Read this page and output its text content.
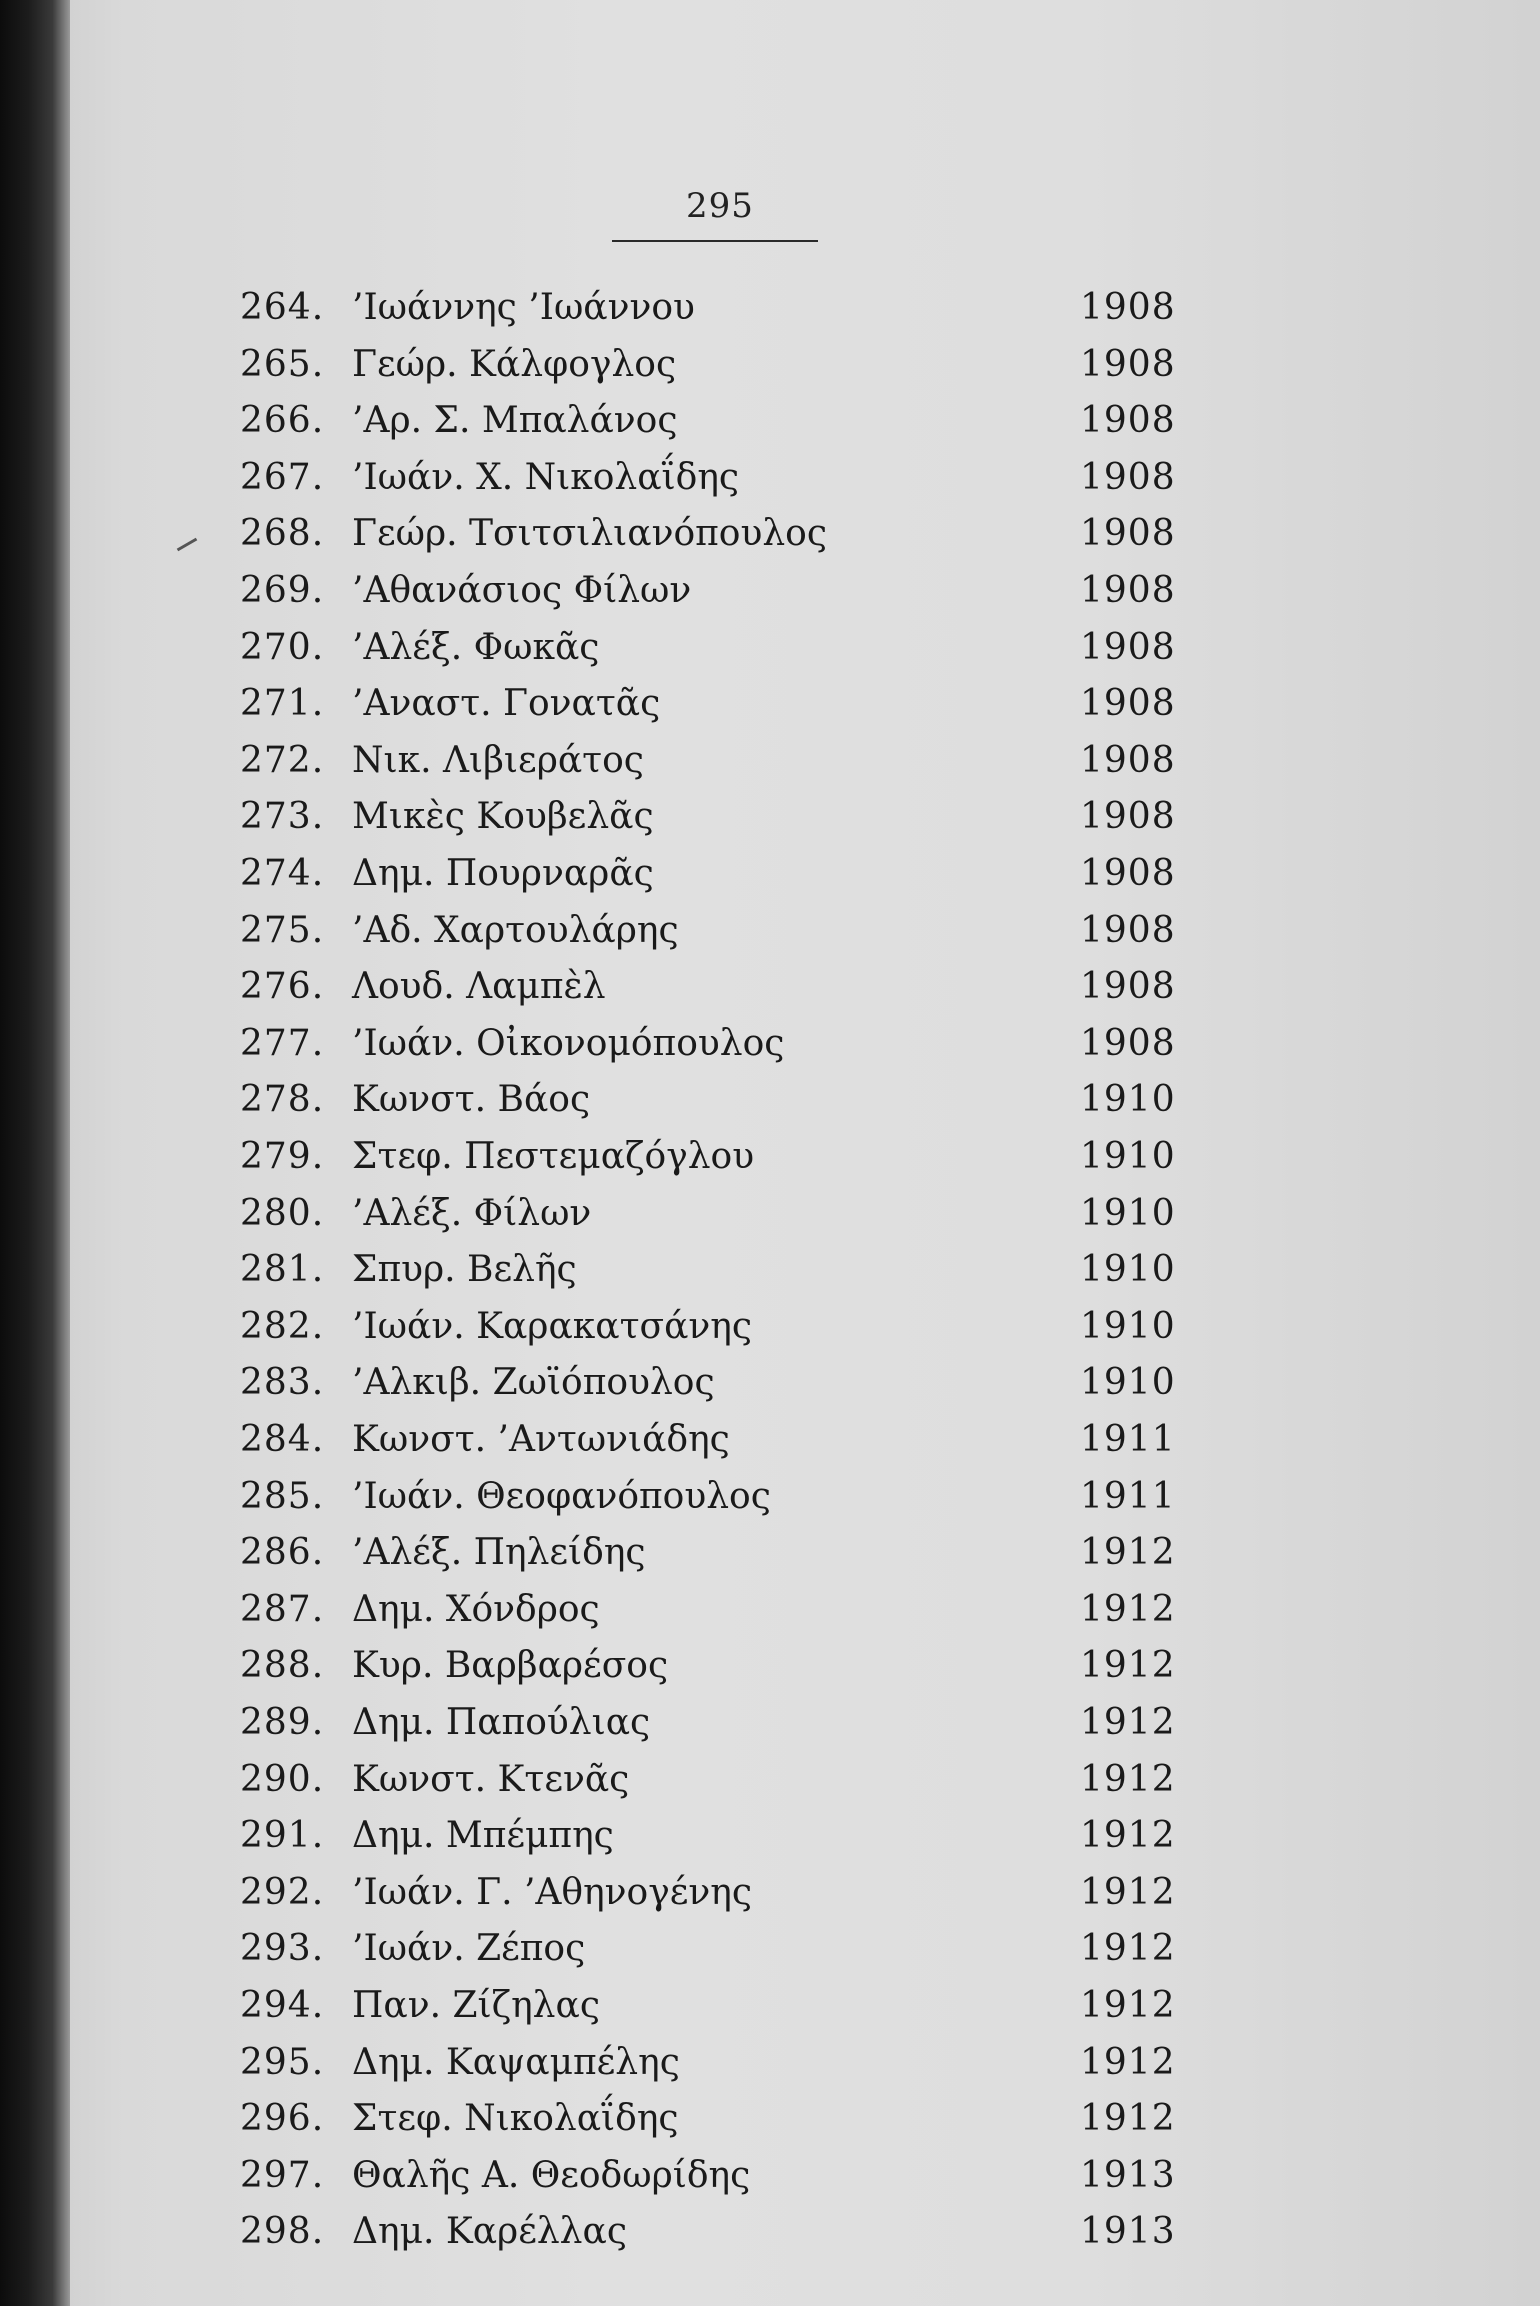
295
264. ’Ιωάννης ’Ιωάννου	1908
265. Γεώρ. Κάλφογλος	1908
266. ’Αρ. Σ. Μπαλάνος	1908
267. ’Ιωάν. Χ. Νικολαΐδης	1908
268. Γεώρ. Τσιτσιλιανόπουλος	1908
269. ’Αθανάσιος Φίλων	1908
270. ’Αλέξ. Φωκᾶς	1908
271. ’Αναστ. Γονατᾶς	1908
272. Νικ. Λιβιεράτος	1908
273. Μικὲς Κουβελᾶς	1908
274. Δημ. Πουρναρᾶς	1908
275. ’Αδ. Χαρτουλάρης	1908
276. Λουδ. Λαμπὲλ	1908
277. ’Ιωάν. Οἰκονομόπουλος	1908
278. Κωνστ. Βάος	1910
279. Στεφ. Πεστεμαζόγλου	1910
280. ’Αλέξ. Φίλων	1910
281. Σπυρ. Βελῆς	1910
282. ’Ιωάν. Καρακατσάνης	1910
283. ’Αλκιβ. Ζωϊόπουλος	1910
284. Κωνστ. ’Αντωνιάδης	1911
285. ’Ιωάν. Θεοφανόπουλος	1911
286. ’Αλέξ. Πηλείδης	1912
287. Δημ. Χόνδρος	1912
288. Κυρ. Βαρβαρέσος	1912
289. Δημ. Παπούλιας	1912
290. Κωνστ. Κτενᾶς	1912
291. Δημ. Μπέμπης	1912
292. ’Ιωάν. Γ. ’Αθηνογένης	1912
293. ’Ιωάν. Ζέπος	1912
294. Παν. Ζίζηλας	1912
295. Δημ. Καψαμπέλης	1912
296. Στεφ. Νικολαΐδης	1912
297. Θαλῆς Α. Θεοδωρίδης	1913
298. Δημ. Καρέλλας	1913
